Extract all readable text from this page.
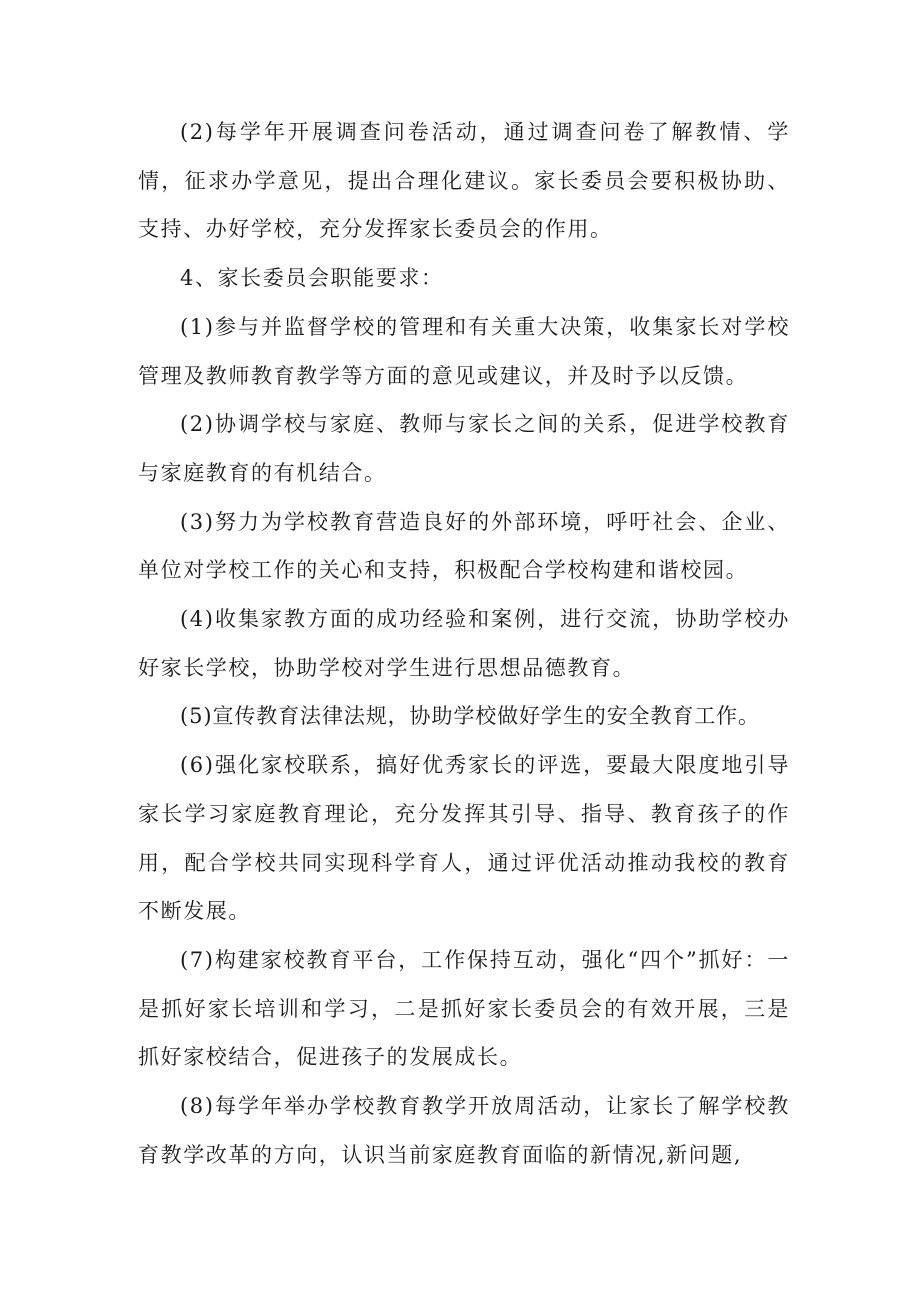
(2)每学年开展调查问卷活动，通过调查问卷了解教情、学情，征求办学意见，提出合理化建议。家长委员会要积极协助、支持、办好学校，充分发挥家长委员会的作用。

4、家长委员会职能要求：

(1)参与并监督学校的管理和有关重大决策，收集家长对学校管理及教师教育教学等方面的意见或建议，并及时予以反馈。

(2)协调学校与家庭、教师与家长之间的关系，促进学校教育与家庭教育的有机结合。

(3)努力为学校教育营造良好的外部环境，呼吁社会、企业、单位对学校工作的关心和支持，积极配合学校构建和谐校园。

(4)收集家教方面的成功经验和案例，进行交流，协助学校办好家长学校，协助学校对学生进行思想品德教育。

(5)宣传教育法律法规，协助学校做好学生的安全教育工作。

(6)强化家校联系，搞好优秀家长的评选，要最大限度地引导家长学习家庭教育理论，充分发挥其引导、指导、教育孩子的作用，配合学校共同实现科学育人，通过评优活动推动我校的教育不断发展。

(7)构建家校教育平台，工作保持互动，强化“四个”抓好：一是抓好家长培训和学习，二是抓好家长委员会的有效开展，三是抓好家校结合，促进孩子的发展成长。

(8)每学年举办学校教育教学开放周活动，让家长了解学校教育教学改革的方向，认识当前家庭教育面临的新情况,新问题,
